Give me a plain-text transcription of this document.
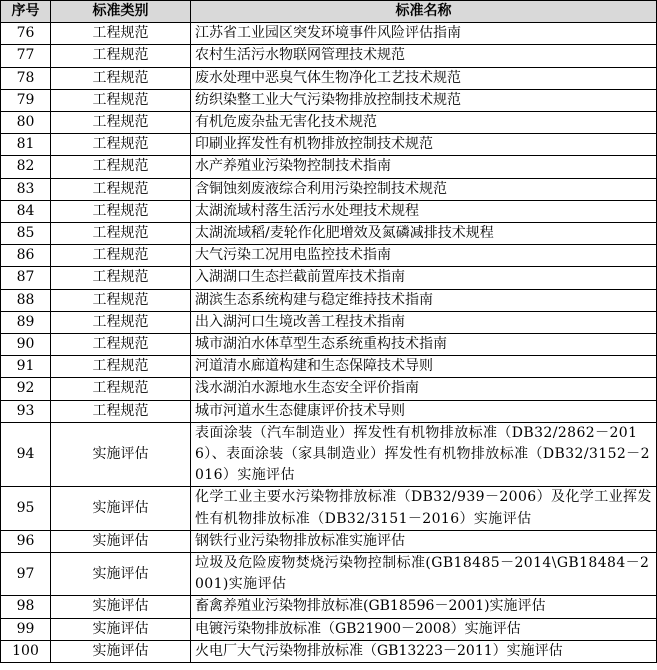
序号	标准类别	标准名称
76	工程规范	江苏省工业园区突发环境事件风险评估指南
77	工程规范	农村生活污水物联网管理技术规范
78	工程规范	废水处理中恶臭气体生物净化工艺技术规范
79	工程规范	纺织染整工业大气污染物排放控制技术规范
80	工程规范	有机危废杂盐无害化技术规范
81	工程规范	印刷业挥发性有机物排放控制技术规范
82	工程规范	水产养殖业污染物控制技术指南
83	工程规范	含铜蚀刻废液综合利用污染控制技术规范
84	工程规范	太湖流域村落生活污水处理技术规程
85	工程规范	太湖流域稻/麦轮作化肥增效及氮磷减排技术规程
86	工程规范	大气污染工况用电监控技术指南
87	工程规范	入湖湖口生态拦截前置库技术指南
88	工程规范	湖滨生态系统构建与稳定维持技术指南
89	工程规范	出入湖河口生境改善工程技术指南
90	工程规范	城市湖泊水体草型生态系统重构技术指南
91	工程规范	河道清水廊道构建和生态保障技术导则
92	工程规范	浅水湖泊水源地水生态安全评价指南
93	工程规范	城市河道水生态健康评价技术导则
94	实施评估	表面涂装（汽车制造业）挥发性有机物排放标准（DB32/2862－2016）、表面涂装（家具制造业）挥发性有机物排放标准（DB32/3152－2016）实施评估
95	实施评估	化学工业主要水污染物排放标准（DB32/939－2006）及化学工业挥发性有机物排放标准（DB32/3151－2016）实施评估
96	实施评估	钢铁行业污染物排放标准实施评估
97	实施评估	垃圾及危险废物焚烧污染物控制标准(GB18485－2014\GB18484－2001)实施评估
98	实施评估	畜禽养殖业污染物排放标准(GB18596－2001)实施评估
99	实施评估	电镀污染物排放标准（GB21900－2008）实施评估
100	实施评估	火电厂大气污染物排放标准（GB13223－2011）实施评估
